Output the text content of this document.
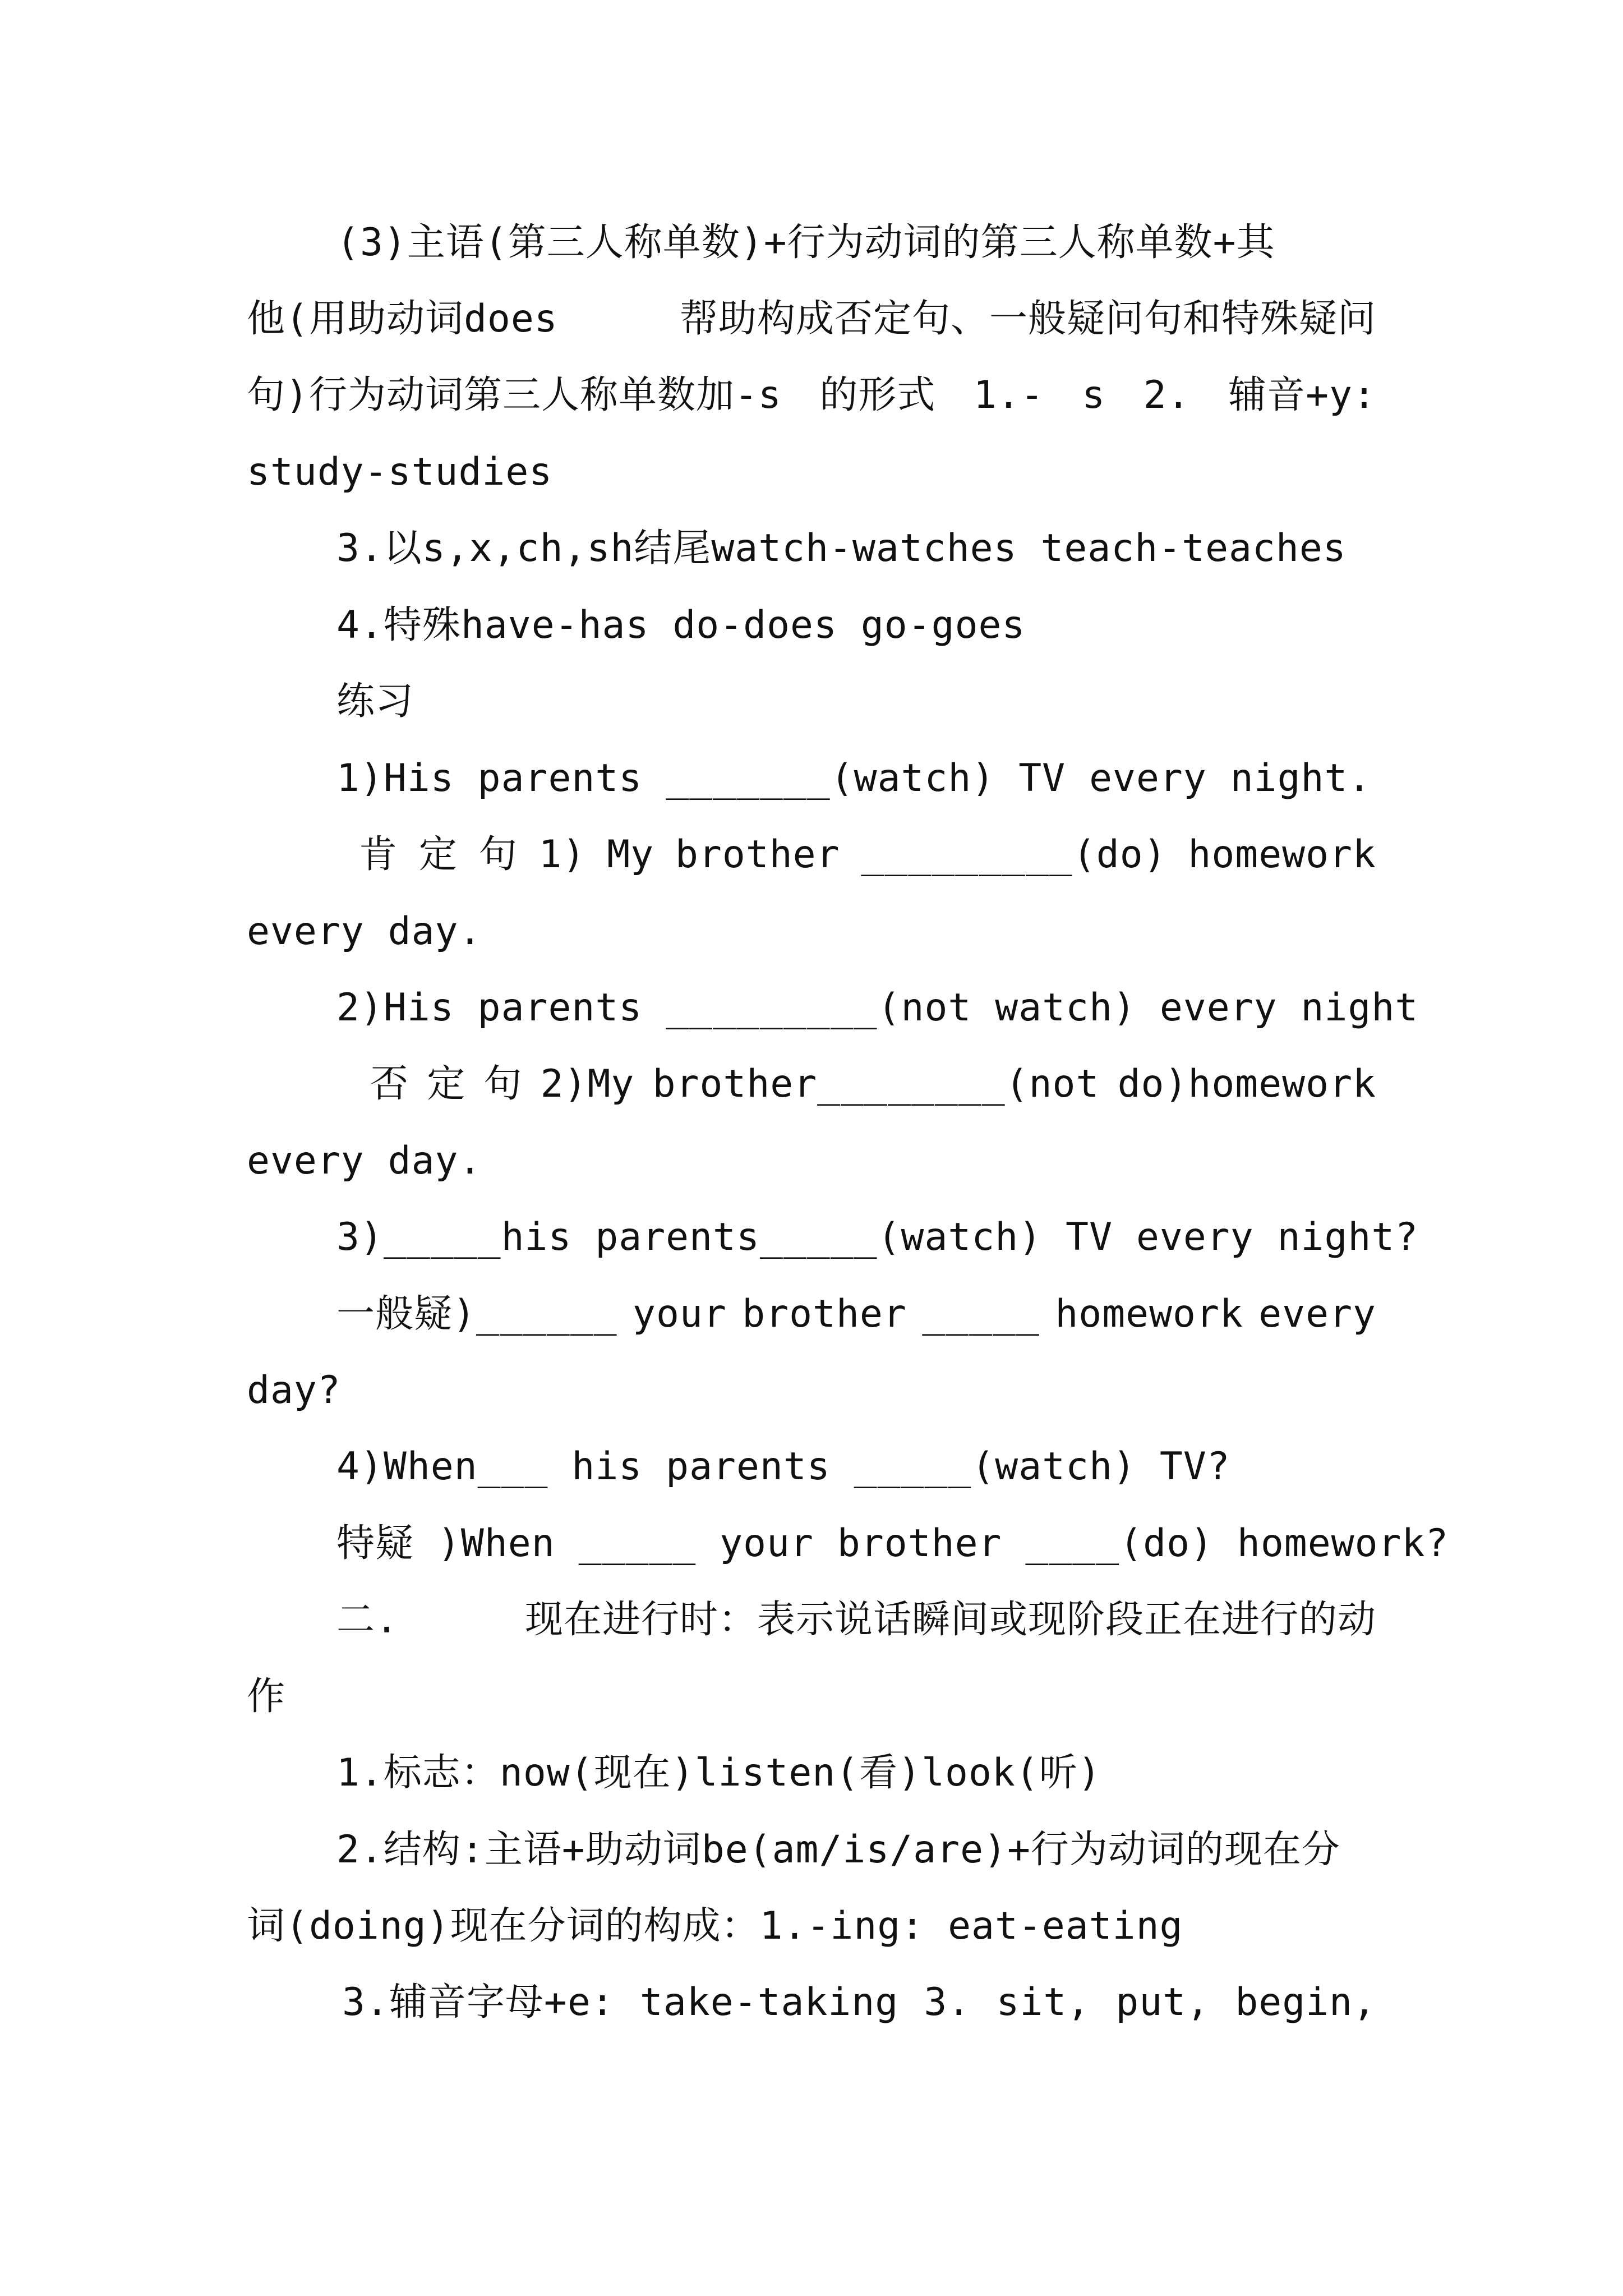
(3)主语(第三人称单数)+行为动词的第三人称单数+其
他(用助动词does	帮助构成否定句、一般疑问句和特殊疑问
句)行为动词第三人称单数加-s 的形式 1.- s 2. 辅音+y:
study-studies
3.以s,x,ch,sh结尾watch-watches teach-teaches
4.特殊have-has do-does go-goes
练习
1)His parents _______(watch) TV every night.
肯 定 句 1) My brother _________(do) homework
every day.
2)His parents _________(not watch) every night
否 定 句 2)My brother________(not do)homework
every day.
3)_____his parents_____(watch) TV every night?
一般疑)______ your brother _____ homework every
day?
4)When___ his parents _____(watch) TV?
特疑 )When _____ your brother ____(do) homework?
二.	现在进行时：表示说话瞬间或现阶段正在进行的动
作
1.标志：now(现在)listen(看)look(听)
2.结构:主语+助动词be(am/is/are)+行为动词的现在分
词(doing)现在分词的构成：1.-ing: eat-eating
3.辅音字母+e: take-taking 3. sit, put, begin,
